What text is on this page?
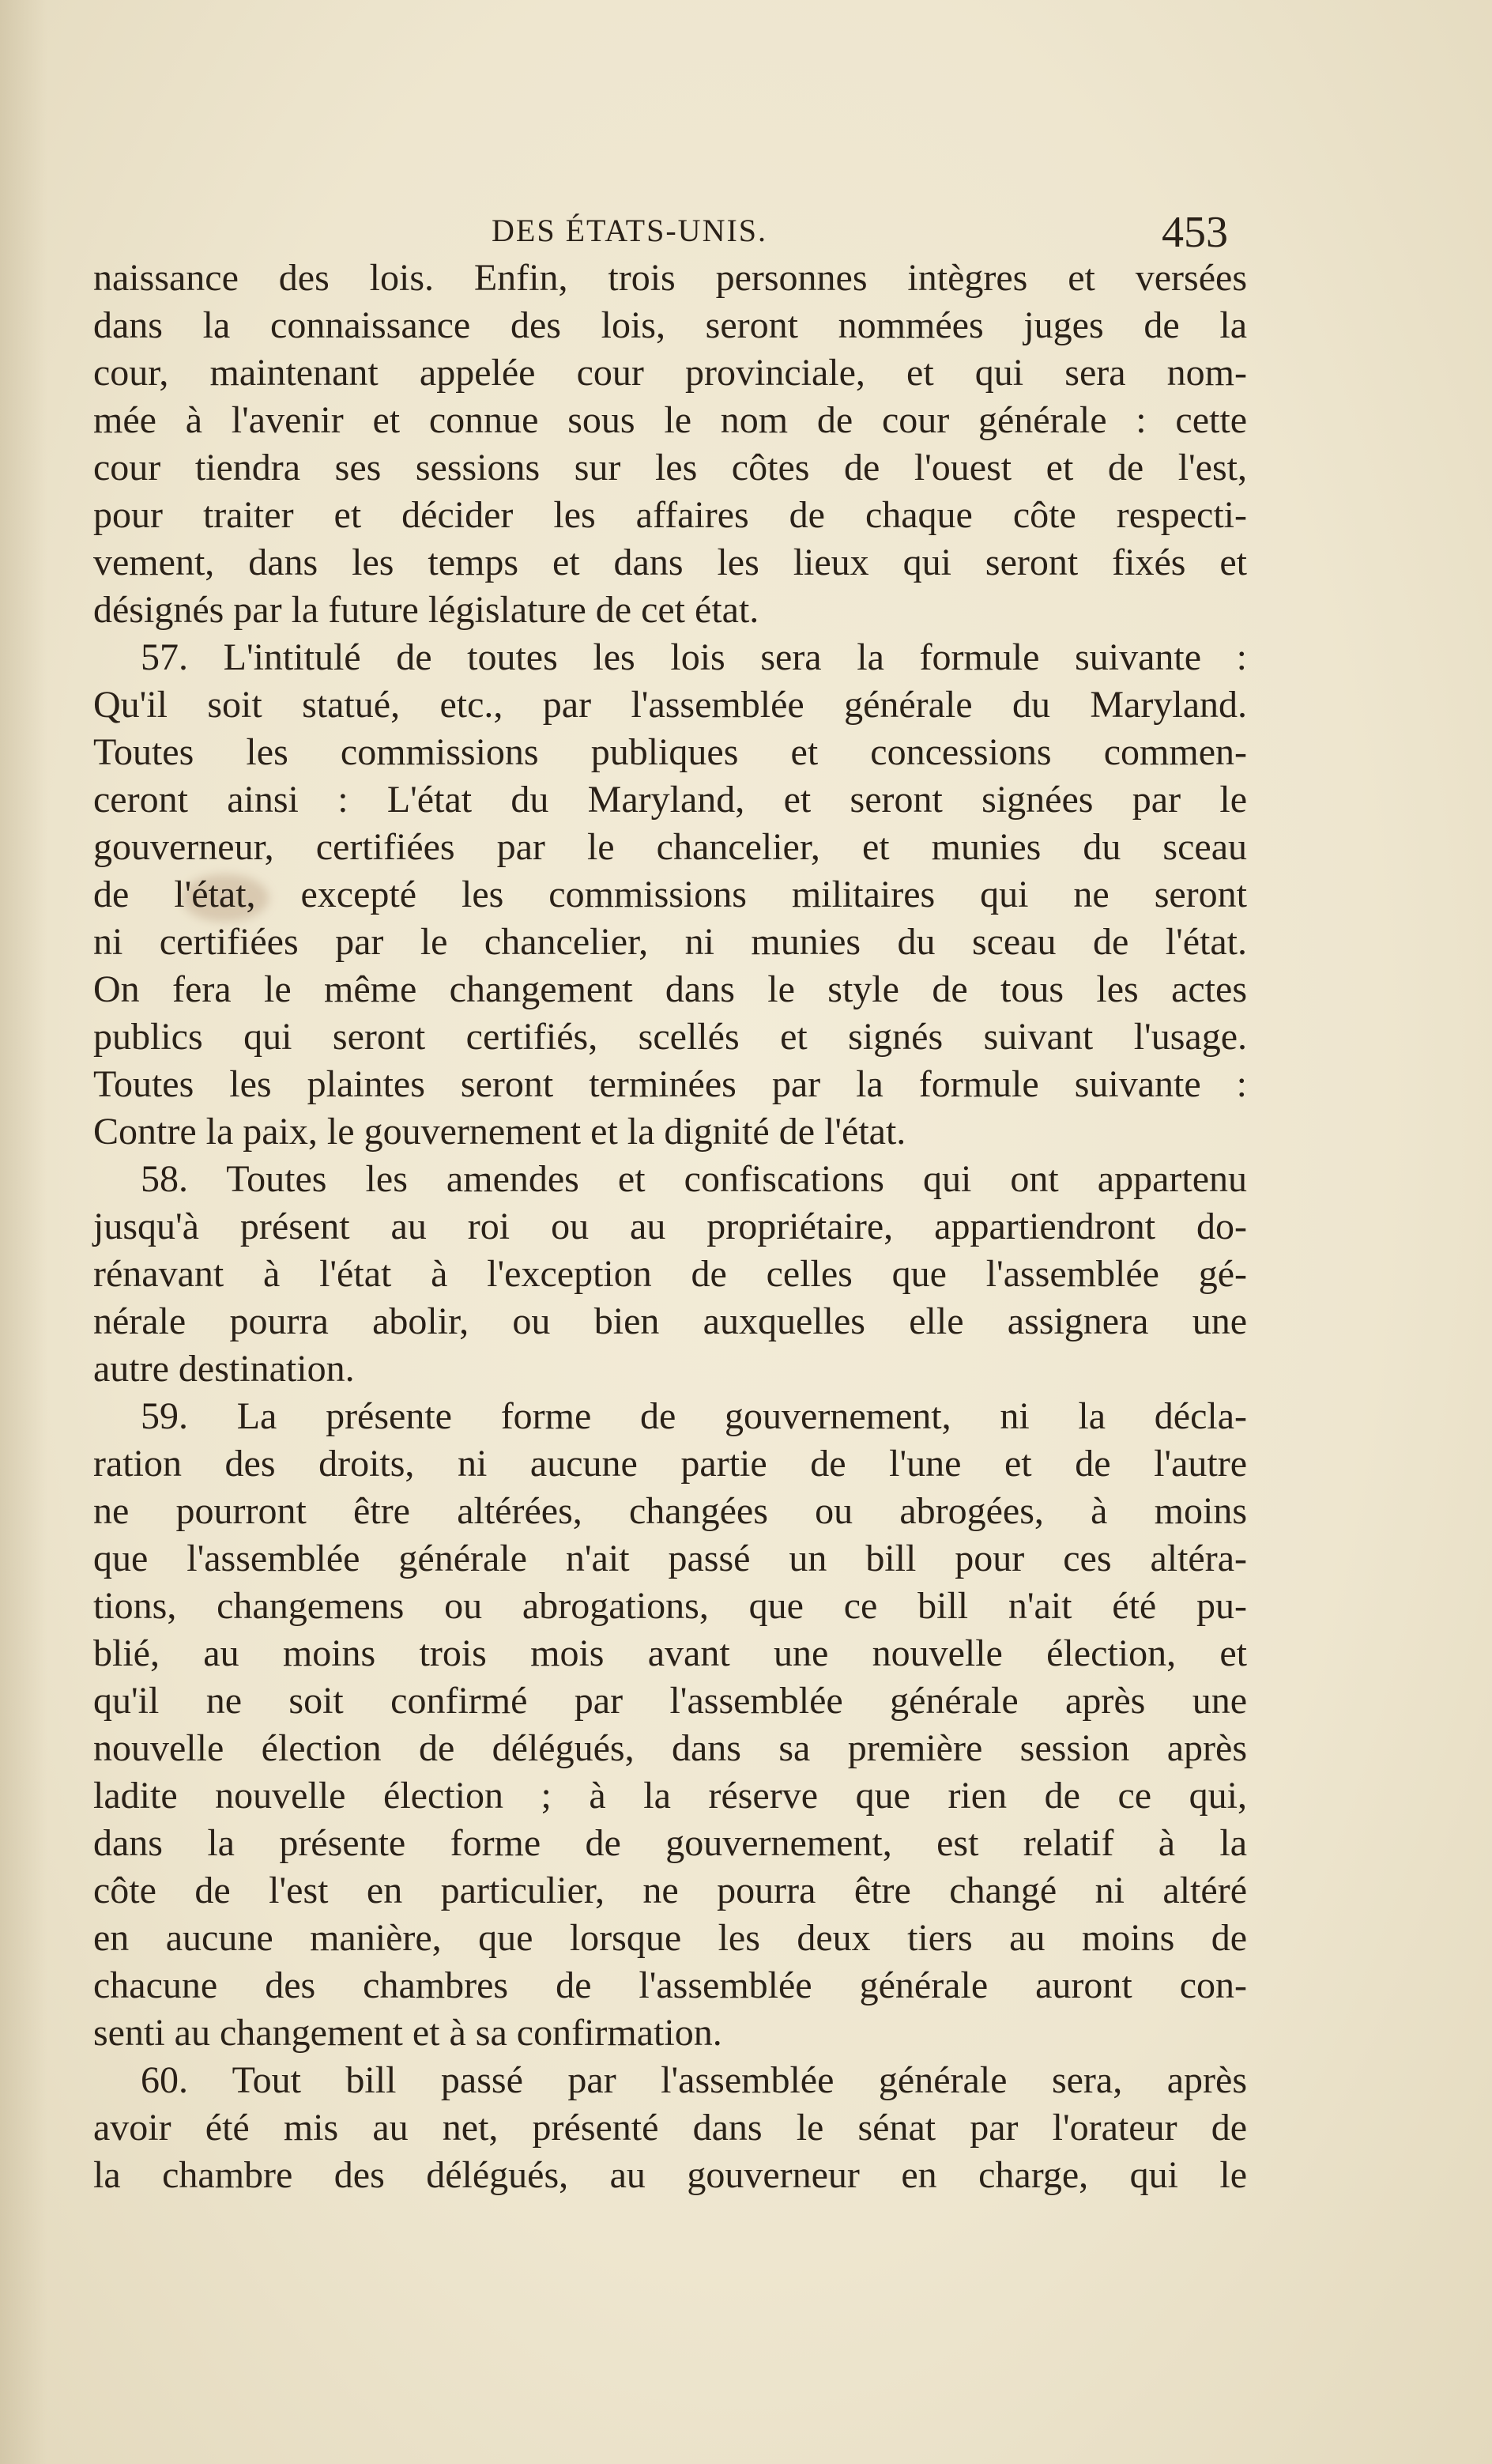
DES ÉTATS-UNIS.	453
naissance des lois. Enfin, trois personnes intègres et versées
dans la connaissance des lois, seront nommées juges de la
cour, maintenant appelée cour provinciale, et qui sera nom-
mée à l'avenir et connue sous le nom de cour générale : cette
cour tiendra ses sessions sur les côtes de l'ouest et de l'est,
pour traiter et décider les affaires de chaque côte respecti-
vement, dans les temps et dans les lieux qui seront fixés et
désignés par la future législature de cet état.
57. L'intitulé de toutes les lois sera la formule suivante :
Qu'il soit statué, etc., par l'assemblée générale du Maryland.
Toutes les commissions publiques et concessions commen-
ceront ainsi : L'état du Maryland, et seront signées par le
gouverneur, certifiées par le chancelier, et munies du sceau
de l'état, excepté les commissions militaires qui ne seront
ni certifiées par le chancelier, ni munies du sceau de l'état.
On fera le même changement dans le style de tous les actes
publics qui seront certifiés, scellés et signés suivant l'usage.
Toutes les plaintes seront terminées par la formule suivante :
Contre la paix, le gouvernement et la dignité de l'état.
58. Toutes les amendes et confiscations qui ont appartenu
jusqu'à présent au roi ou au propriétaire, appartiendront do-
rénavant à l'état à l'exception de celles que l'assemblée gé-
nérale pourra abolir, ou bien auxquelles elle assignera une
autre destination.
59. La présente forme de gouvernement, ni la décla-
ration des droits, ni aucune partie de l'une et de l'autre
ne pourront être altérées, changées ou abrogées, à moins
que l'assemblée générale n'ait passé un bill pour ces altéra-
tions, changemens ou abrogations, que ce bill n'ait été pu-
blié, au moins trois mois avant une nouvelle élection, et
qu'il ne soit confirmé par l'assemblée générale après une
nouvelle élection de délégués, dans sa première session après
ladite nouvelle élection ; à la réserve que rien de ce qui,
dans la présente forme de gouvernement, est relatif à la
côte de l'est en particulier, ne pourra être changé ni altéré
en aucune manière, que lorsque les deux tiers au moins de
chacune des chambres de l'assemblée générale auront con-
senti au changement et à sa confirmation.
60. Tout bill passé par l'assemblée générale sera, après
avoir été mis au net, présenté dans le sénat par l'orateur de
la chambre des délégués, au gouverneur en charge, qui le
